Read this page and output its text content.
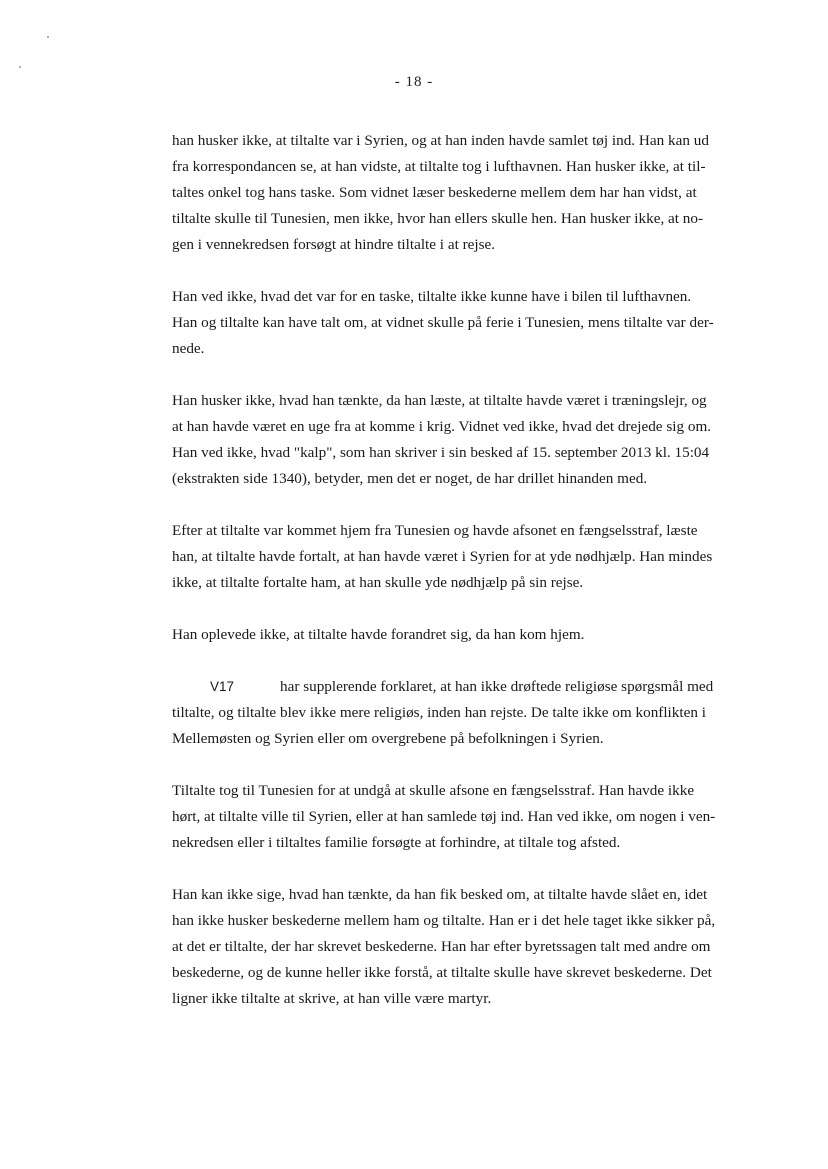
- 18 -
han husker ikke, at tiltalte var i Syrien, og at han inden havde samlet tøj ind. Han kan ud
fra korrespondancen se, at han vidste, at tiltalte tog i lufthavnen. Han husker ikke, at til-
taltes onkel tog hans taske. Som vidnet læser beskederne mellem dem har han vidst, at
tiltalte skulle til Tunesien, men ikke, hvor han ellers skulle hen. Han husker ikke, at no-
gen i vennekredsen forsøgt at hindre tiltalte i at rejse.
Han ved ikke, hvad det var for en taske, tiltalte ikke kunne have i bilen til lufthavnen.
Han og tiltalte kan have talt om, at vidnet skulle på ferie i Tunesien, mens tiltalte var der-
nede.
Han husker ikke, hvad han tænkte, da han læste, at tiltalte havde været i træningslejr, og
at han havde været en uge fra at komme i krig. Vidnet ved ikke, hvad det drejede sig om.
Han ved ikke, hvad "kalp", som han skriver i sin besked af 15. september 2013 kl. 15:04
(ekstrakten side 1340), betyder, men det er noget, de har drillet hinanden med.
Efter at tiltalte var kommet hjem fra Tunesien og havde afsonet en fængselsstraf, læste
han, at tiltalte havde fortalt, at han havde været i Syrien for at yde nødhjælp. Han mindes
ikke, at tiltalte fortalte ham, at han skulle yde nødhjælp på sin rejse.
Han oplevede ikke, at tiltalte havde forandret sig, da han kom hjem.
V17	har supplerende forklaret, at han ikke drøftede religiøse spørgsmål med
tiltalte, og tiltalte blev ikke mere religiøs, inden han rejste. De talte ikke om konflikten i
Mellemøsten og Syrien eller om overgrebene på befolkningen i Syrien.
Tiltalte tog til Tunesien for at undgå at skulle afsone en fængselsstraf. Han havde ikke
hørt, at tiltalte ville til Syrien, eller at han samlede tøj ind. Han ved ikke, om nogen i ven-
nekredsen eller i tiltaltes familie forsøgte at forhindre, at tiltale tog afsted.
Han kan ikke sige, hvad han tænkte, da han fik besked om, at tiltalte havde slået en, idet
han ikke husker beskederne mellem ham og tiltalte. Han er i det hele taget ikke sikker på,
at det er tiltalte, der har skrevet beskederne. Han har efter byretssagen talt med andre om
beskederne, og de kunne heller ikke forstå, at tiltalte skulle have skrevet beskederne. Det
ligner ikke tiltalte at skrive, at han ville være martyr.
